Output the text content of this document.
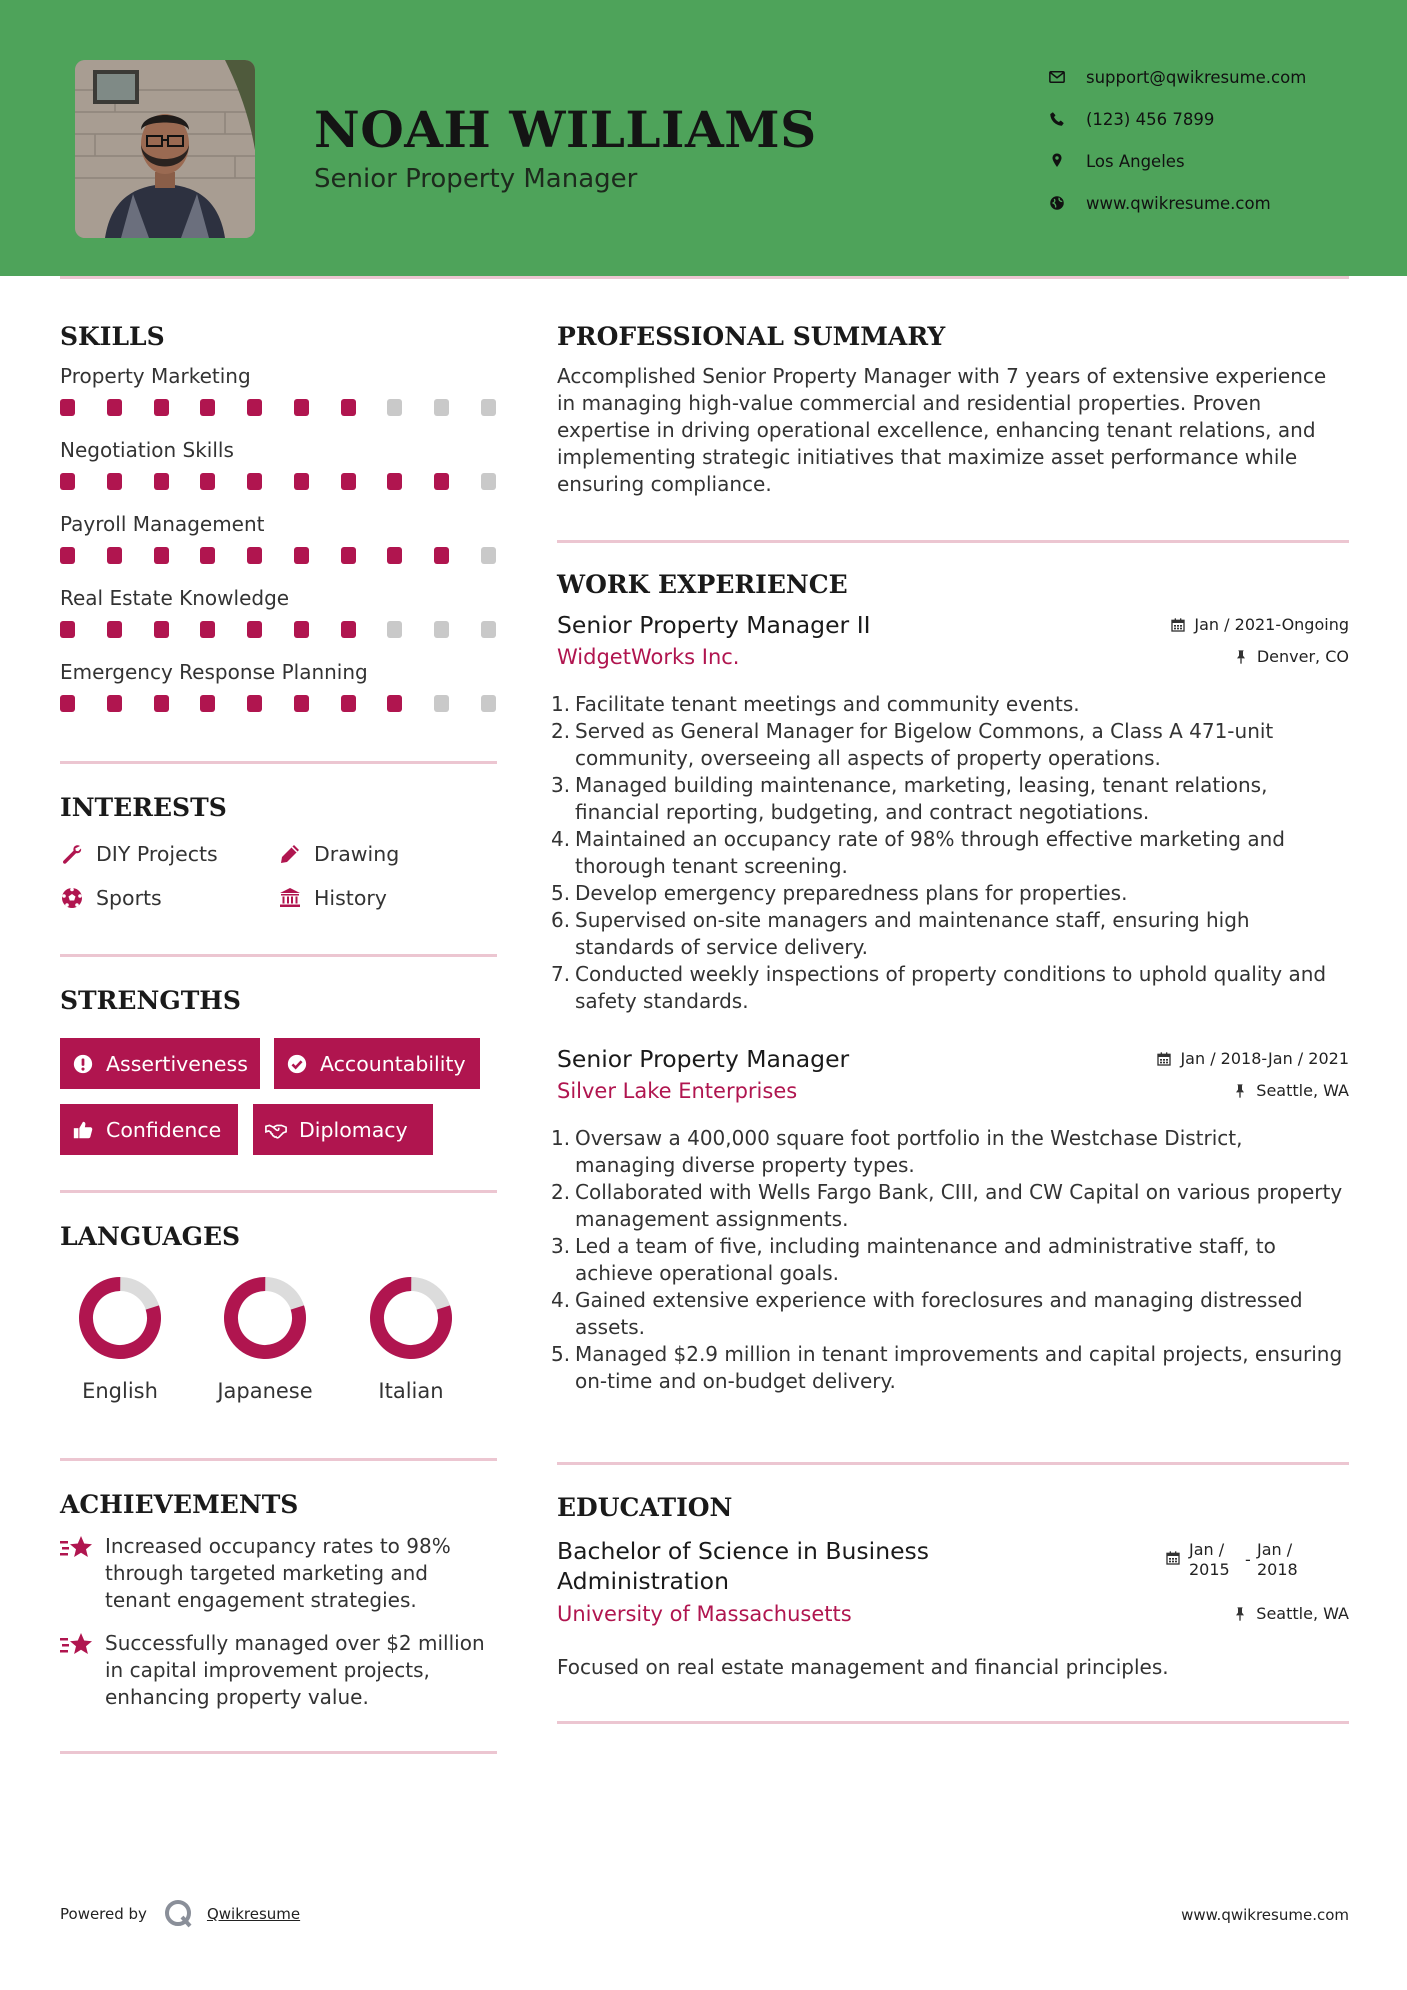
NOAH WILLIAMS
Senior Property Manager
support@qwikresume.com
(123) 456 7899
Los Angeles
www.qwikresume.com
SKILLS
Property Marketing
Negotiation Skills
Payroll Management
Real Estate Knowledge
Emergency Response Planning
INTERESTS
DIY Projects	Drawing
Sports	History
STRENGTHS
Assertiveness	Accountability
Confidence	Diplomacy
LANGUAGES
English	Japanese	Italian
ACHIEVEMENTS
Increased occupancy rates to 98% through targeted marketing and tenant engagement strategies.
Successfully managed over $2 million in capital improvement projects, enhancing property value.
PROFESSIONAL SUMMARY
Accomplished Senior Property Manager with 7 years of extensive experience in managing high-value commercial and residential properties. Proven expertise in driving operational excellence, enhancing tenant relations, and implementing strategic initiatives that maximize asset performance while ensuring compliance.
WORK EXPERIENCE
Senior Property Manager II
WidgetWorks Inc.
Jan / 2021-Ongoing
Denver, CO
1. Facilitate tenant meetings and community events.
2. Served as General Manager for Bigelow Commons, a Class A 471-unit community, overseeing all aspects of property operations.
3. Managed building maintenance, marketing, leasing, tenant relations, financial reporting, budgeting, and contract negotiations.
4. Maintained an occupancy rate of 98% through effective marketing and thorough tenant screening.
5. Develop emergency preparedness plans for properties.
6. Supervised on-site managers and maintenance staff, ensuring high standards of service delivery.
7. Conducted weekly inspections of property conditions to uphold quality and safety standards.
Senior Property Manager
Silver Lake Enterprises
Jan / 2018-Jan / 2021
Seattle, WA
1. Oversaw a 400,000 square foot portfolio in the Westchase District, managing diverse property types.
2. Collaborated with Wells Fargo Bank, CIII, and CW Capital on various property management assignments.
3. Led a team of five, including maintenance and administrative staff, to achieve operational goals.
4. Gained extensive experience with foreclosures and managing distressed assets.
5. Managed $2.9 million in tenant improvements and capital projects, ensuring on-time and on-budget delivery.
EDUCATION
Bachelor of Science in Business Administration
University of Massachusetts
Jan / 2015
-
Jan / 2018
Seattle, WA
Focused on real estate management and financial principles.
Powered by	Qwikresume	www.qwikresume.com
